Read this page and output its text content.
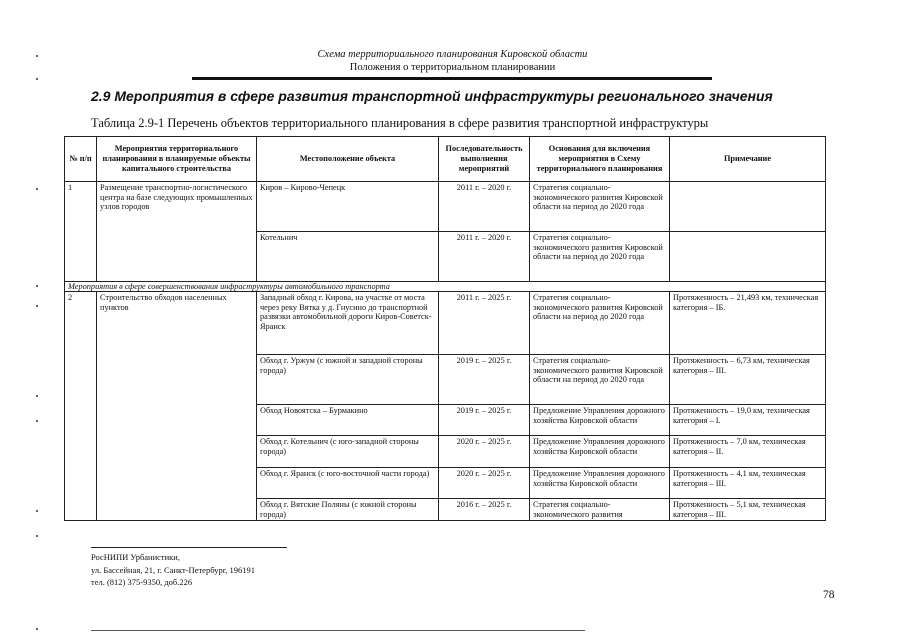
Схема территориального планирования Кировской области
Положения о территориальном планировании
2.9 Мероприятия в сфере развития транспортной инфраструктуры регионального значения
Таблица 2.9-1 Перечень объектов территориального планирования в сфере развития транспортной инфраструктуры
№ п/п	Мероприятия территориального планирования в планируемые объекты капитального строительства	Местоположение объекта	Последовательность выполнения мероприятий	Основания для включения мероприятия в Схему территориального планирования	Примечание
1	Размещение транспортно-логистического центра на базе следующих промышленных узлов городов	Киров – Кирово-Чепецк	2011 г. – 2020 г.	Стратегия социально-экономического развития Кировской области на период до 2020 года	
		Котельнич	2011 г. – 2020 г.	Стратегия социально-экономического развития Кировской области на период до 2020 года	
Мероприятия в сфере совершенствования инфраструктуры автомобильного транспорта					
2	Строительство обходов населенных пунктов	Западный обход г. Кирова, на участке от моста через реку Вятка у д. Гнусино до транспортной развязки автомобильной дороги Киров-Советск-Яранск	2011 г. – 2025 г.	Стратегия социально-экономического развития Кировской области на период до 2020 года	Протяженность – 21,493 км, техническая категория – IБ.
		Обход г. Уржум (с южной и западной стороны города)	2019 г. – 2025 г.	Стратегия социально-экономического развития Кировской области на период до 2020 года	Протяженность – 6,73 км, техническая категория – III.
		Обход Новоятска – Бурмакино	2019 г. – 2025 г.	Предложение Управления дорожного хозяйства Кировской области	Протяженность – 19,0 км, техническая категория – I.
		Обход г. Котельнич (с юго-западной стороны города)	2020 г. – 2025 г.	Предложение Управления дорожного хозяйства Кировской области	Протяженность – 7,0 км, техническая категория – II.
		Обход г. Яранск (с юго-восточной части города)	2020 г. – 2025 г.	Предложение Управления дорожного хозяйства Кировской области	Протяженность – 4,1 км, техническая категория – III.
		Обход г. Вятские Поляны (с южной стороны города)	2016 г. – 2025 г.	Стратегия социально-экономического развития	Протяженность – 5,1 км, техническая категория – III.
РосНИПИ Урбанистики,
ул. Бассейная, 21, г. Санкт-Петербург, 196191
тел. (812) 375-9350, доб.226
78
